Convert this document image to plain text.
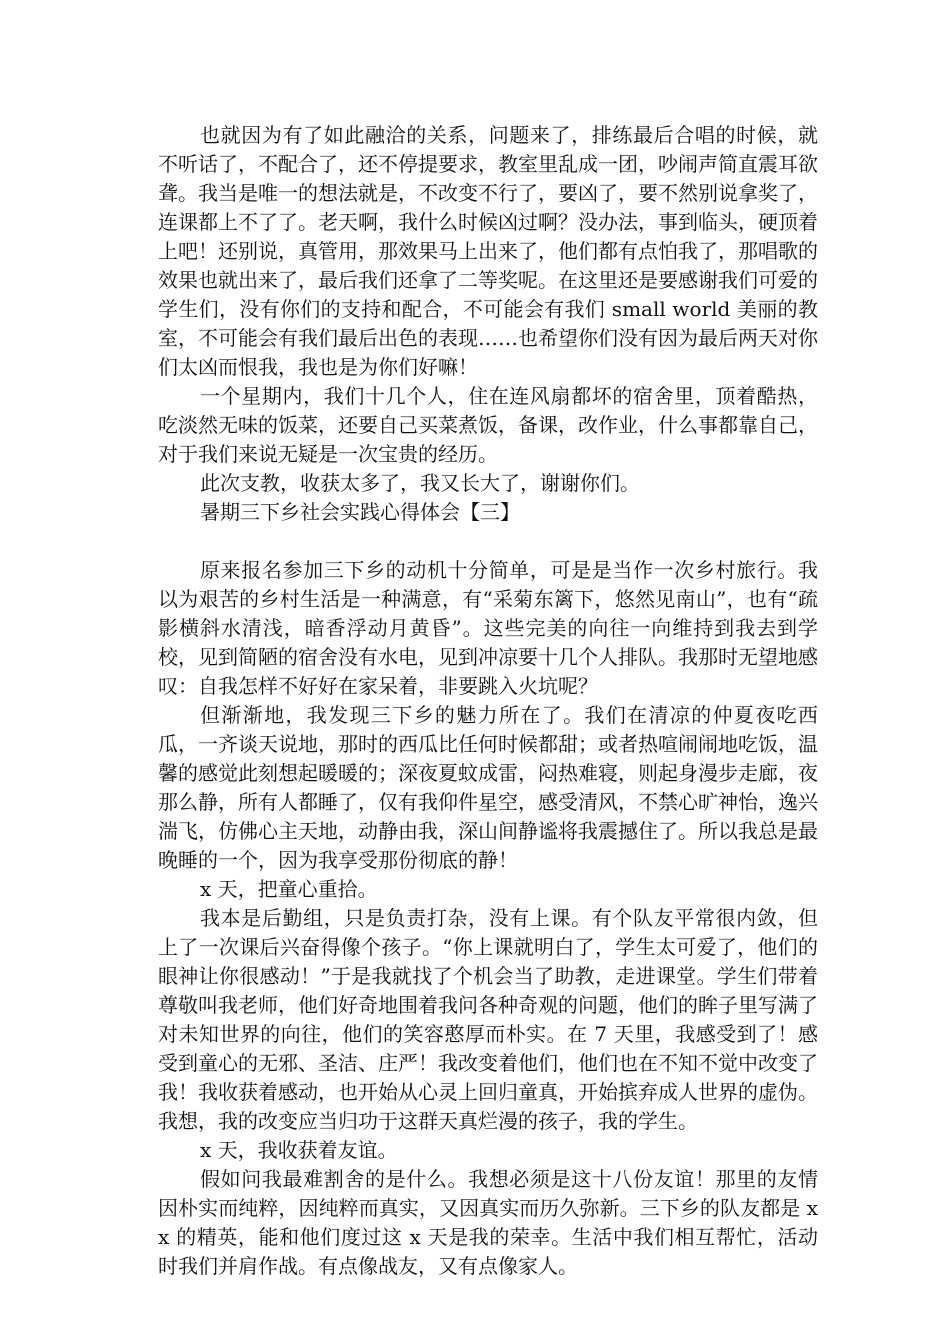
也就因为有了如此融洽的关系，问题来了，排练最后合唱的时候，就不听话了，不配合了，还不停提要求，教室里乱成一团，吵闹声简直震耳欲聋。我当是唯一的想法就是，不改变不行了，要凶了，要不然别说拿奖了，连课都上不了了。老天啊，我什么时候凶过啊？没办法，事到临头，硬顶着上吧！还别说，真管用，那效果马上出来了，他们都有点怕我了，那唱歌的效果也就出来了，最后我们还拿了二等奖呢。在这里还是要感谢我们可爱的学生们，没有你们的支持和配合，不可能会有我们 small world 美丽的教室，不可能会有我们最后出色的表现……也希望你们没有因为最后两天对你们太凶而恨我，我也是为你们好嘛！

一个星期内，我们十几个人，住在连风扇都坏的宿舍里，顶着酷热，吃淡然无味的饭菜，还要自己买菜煮饭，备课，改作业，什么事都靠自己，对于我们来说无疑是一次宝贵的经历。

此次支教，收获太多了，我又长大了，谢谢你们。

暑期三下乡社会实践心得体会【三】

原来报名参加三下乡的动机十分简单，可是是当作一次乡村旅行。我以为艰苦的乡村生活是一种满意，有“采菊东篱下，悠然见南山”，也有“疏影横斜水清浅，暗香浮动月黄昏”。这些完美的向往一向维持到我去到学校，见到简陋的宿舍没有水电，见到冲凉要十几个人排队。我那时无望地感叹：自我怎样不好好在家呆着，非要跳入火坑呢？

但渐渐地，我发现三下乡的魅力所在了。我们在清凉的仲夏夜吃西瓜，一齐谈天说地，那时的西瓜比任何时候都甜；或者热喧闹闹地吃饭，温馨的感觉此刻想起暖暖的；深夜夏蚊成雷，闷热难寝，则起身漫步走廊，夜那么静，所有人都睡了，仅有我仰件星空，感受清风，不禁心旷神怡，逸兴湍飞，仿佛心主天地，动静由我，深山间静谧将我震撼住了。所以我总是最晚睡的一个，因为我享受那份彻底的静！

x 天，把童心重拾。

我本是后勤组，只是负责打杂，没有上课。有个队友平常很内敛，但上了一次课后兴奋得像个孩子。“你上课就明白了，学生太可爱了，他们的眼神让你很感动！”于是我就找了个机会当了助教，走进课堂。学生们带着尊敬叫我老师，他们好奇地围着我问各种奇观的问题，他们的眸子里写满了对未知世界的向往，他们的笑容憨厚而朴实。在 7 天里，我感受到了！感受到童心的无邪、圣洁、庄严！我改变着他们，他们也在不知不觉中改变了我！我收获着感动，也开始从心灵上回归童真，开始摈弃成人世界的虚伪。我想，我的改变应当归功于这群天真烂漫的孩子，我的学生。

x 天，我收获着友谊。

假如问我最难割舍的是什么。我想必须是这十八份友谊！那里的友情因朴实而纯粹，因纯粹而真实，又因真实而历久弥新。三下乡的队友都是 xx 的精英，能和他们度过这 x 天是我的荣幸。生活中我们相互帮忙，活动时我们并肩作战。有点像战友，又有点像家人。
